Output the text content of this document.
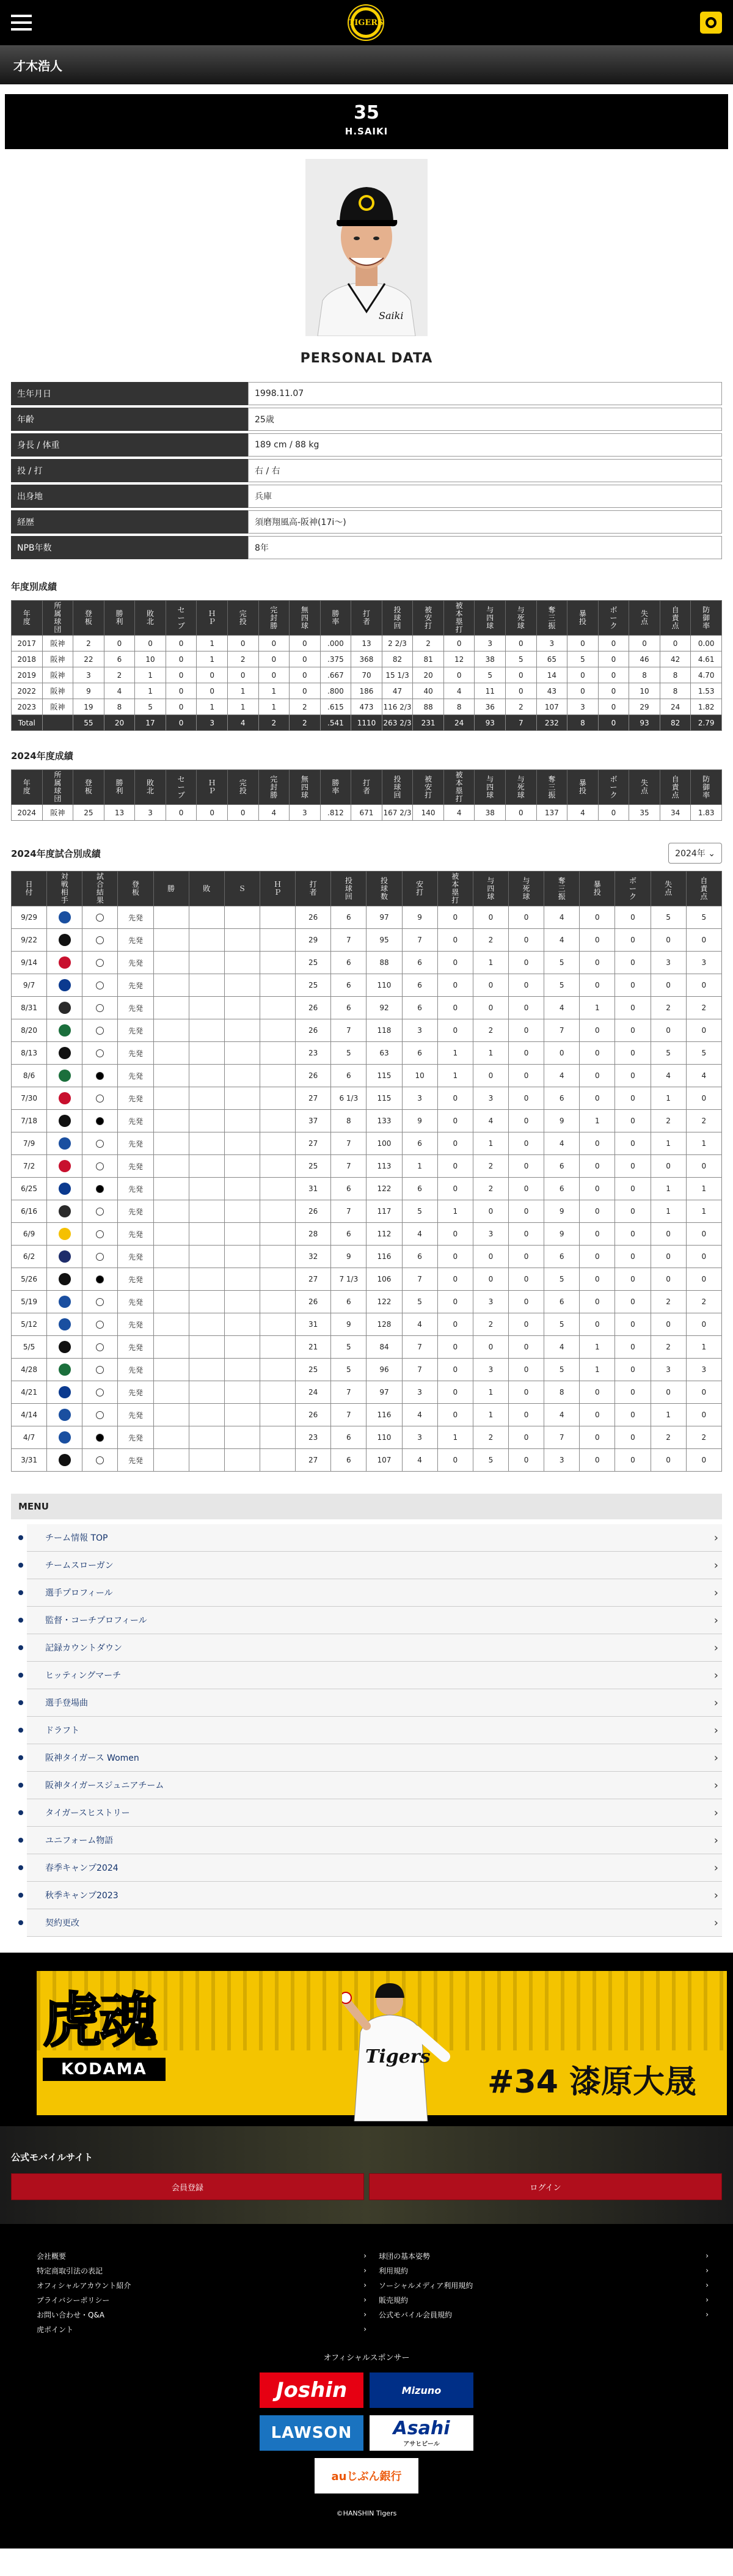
TIGERS
才木浩人
35
H.SAIKI
Saiki
PERSONAL DATA
生年月日	1998.11.07
年齢	25歳
身長 / 体重	189 cm / 88 kg
投 / 打	右 / 右
出身地	兵庫
経歴	須磨翔風高-阪神(17ⅰ〜)
NPB年数	8年
年度別成績
年度	所属球団	登板	勝利	敗北	セーブ	ＨＰ	完投	完封勝	無四球	勝率	打者	投球回	被安打	被本塁打	与四球	与死球	奪三振	暴投	ボーク	失点	自責点	防御率
2017	阪神	2	0	0	0	1	0	0	0	.000	13	2 2/3	2	0	3	0	3	0	0	0	0	0.00
2018	阪神	22	6	10	0	1	2	0	0	.375	368	82	81	12	38	5	65	5	0	46	42	4.61
2019	阪神	3	2	1	0	0	0	0	0	.667	70	15 1/3	20	0	5	0	14	0	0	8	8	4.70
2022	阪神	9	4	1	0	0	1	1	0	.800	186	47	40	4	11	0	43	0	0	10	8	1.53
2023	阪神	19	8	5	0	1	1	1	2	.615	473	116 2/3	88	8	36	2	107	3	0	29	24	1.82
Total		55	20	17	0	3	4	2	2	.541	1110	263 2/3	231	24	93	7	232	8	0	93	82	2.79
2024年度成績
年度	所属球団	登板	勝利	敗北	セーブ	ＨＰ	完投	完封勝	無四球	勝率	打者	投球回	被安打	被本塁打	与四球	与死球	奪三振	暴投	ボーク	失点	自責点	防御率
2024	阪神	25	13	3	0	0	0	4	3	.812	671	167 2/3	140	4	38	0	137	4	0	35	34	1.83
2024年度試合別成績	2024年 ⌄
日付	対戦相手	試合結果	登板	勝	敗	Ｓ	ＨＰ	打者	投球回	投球数	安打	被本塁打	与四球	与死球	奪三振	暴投	ボーク	失点	自責点
9/29			先発					26	6	97	9	0	0	0	4	0	0	5	5
9/22			先発					29	7	95	7	0	2	0	4	0	0	0	0
9/14			先発					25	6	88	6	0	1	0	5	0	0	3	3
9/7			先発					25	6	110	6	0	0	0	5	0	0	0	0
8/31			先発					26	6	92	6	0	0	0	4	1	0	2	2
8/20			先発					26	7	118	3	0	2	0	7	0	0	0	0
8/13			先発					23	5	63	6	1	1	0	0	0	0	5	5
8/6			先発					26	6	115	10	1	0	0	4	0	0	4	4
7/30			先発					27	6 1/3	115	3	0	3	0	6	0	0	1	0
7/18			先発					37	8	133	9	0	4	0	9	1	0	2	2
7/9			先発					27	7	100	6	0	1	0	4	0	0	1	1
7/2			先発					25	7	113	1	0	2	0	6	0	0	0	0
6/25			先発					31	6	122	6	0	2	0	6	0	0	1	1
6/16			先発					26	7	117	5	1	0	0	9	0	0	1	1
6/9			先発					28	6	112	4	0	3	0	9	0	0	0	0
6/2			先発					32	9	116	6	0	0	0	6	0	0	0	0
5/26			先発					27	7 1/3	106	7	0	0	0	5	0	0	0	0
5/19			先発					26	6	122	5	0	3	0	6	0	0	2	2
5/12			先発					31	9	128	4	0	2	0	5	0	0	0	0
5/5			先発					21	5	84	7	0	0	0	4	1	0	2	1
4/28			先発					25	5	96	7	0	3	0	5	1	0	3	3
4/21			先発					24	7	97	3	0	1	0	8	0	0	0	0
4/14			先発					26	7	116	4	0	1	0	4	0	0	1	0
4/7			先発					23	6	110	3	1	2	0	7	0	0	2	2
3/31			先発					27	6	107	4	0	5	0	3	0	0	0	0
MENU
チーム情報 TOP	›
チームスローガン	›
選手プロフィール	›
監督・コーチプロフィール	›
記録カウントダウン	›
ヒッティングマーチ	›
選手登場曲	›
ドラフト	›
阪神タイガース Women	›
阪神タイガースジュニアチーム	›
タイガースヒストリー	›
ユニフォーム物語	›
春季キャンプ2024	›
秋季キャンプ2023	›
契約更改	›
虎魂
KODAMA
Tigers
#34 漆原大晟
公式モバイルサイト
会員登録	ログイン
会社概要	›
特定商取引法の表記	›
オフィシャルアカウント紹介	›
プライバシーポリシー	›
お問い合わせ・Q&A	›
虎ポイント	›
球団の基本姿勢	›
利用規約	›
ソーシャルメディア利用規約	›
販売規約	›
公式モバイル会員規約	›
オフィシャルスポンサー
Joshin	Mizuno
LAWSON	Asahi
アサヒビール
auじぶん銀行
©HANSHIN Tigers
